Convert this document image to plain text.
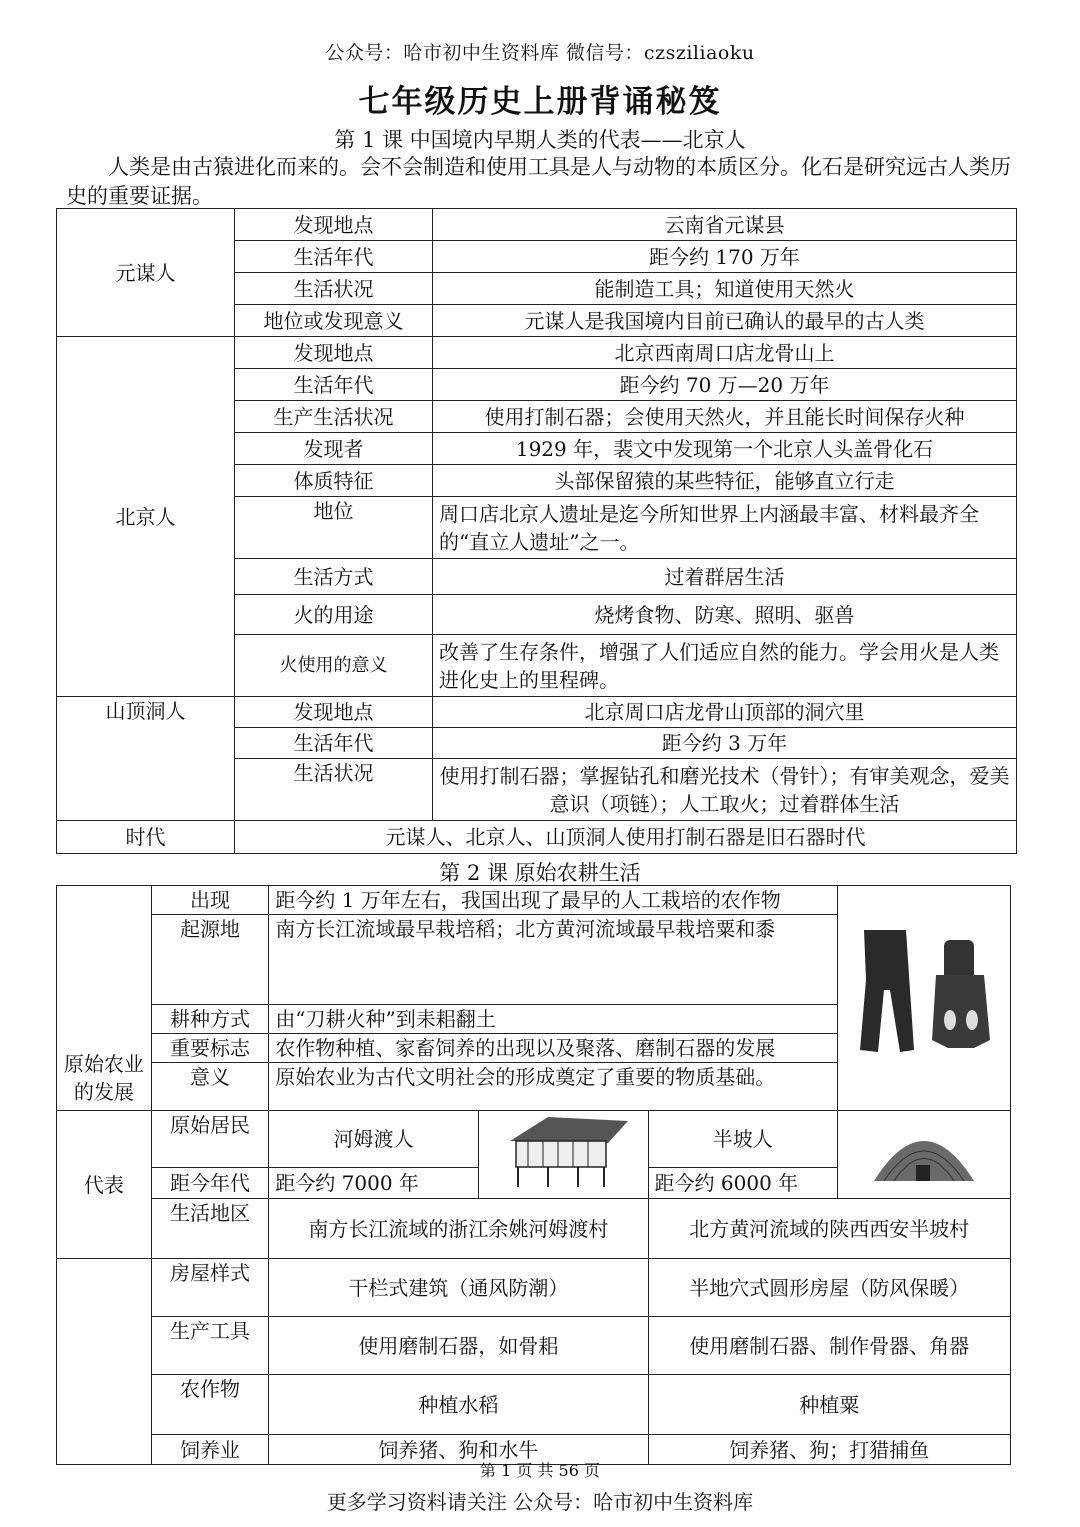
公众号：哈市初中生资料库 微信号：czsziliaoku
七年级历史上册背诵秘笈
第 1 课 中国境内早期人类的代表——北京人
人类是由古猿进化而来的。会不会制造和使用工具是人与动物的本质区分。化石是研究远古人类历史的重要证据。
元谋人	发现地点	云南省元谋县
	生活年代	距今约 170 万年
	生活状况	能制造工具；知道使用天然火
	地位或发现意义	元谋人是我国境内目前已确认的最早的古人类
北京人	发现地点	北京西南周口店龙骨山上
	生活年代	距今约 70 万—20 万年
	生产生活状况	使用打制石器；会使用天然火，并且能长时间保存火种
	发现者	1929 年，裴文中发现第一个北京人头盖骨化石
	体质特征	头部保留猿的某些特征，能够直立行走
	地位	周口店北京人遗址是迄今所知世界上内涵最丰富、材料最齐全的“直立人遗址”之一。
	生活方式	过着群居生活
	火的用途	烧烤食物、防寒、照明、驱兽
	火使用的意义	改善了生存条件，增强了人们适应自然的能力。学会用火是人类进化史上的里程碑。
山顶洞人	发现地点	北京周口店龙骨山顶部的洞穴里
	生活年代	距今约 3 万年
	生活状况	使用打制石器；掌握钻孔和磨光技术（骨针）；有审美观念，爱美意识（项链）；人工取火；过着群体生活
时代	元谋人、北京人、山顶洞人使用打制石器是旧石器时代	
第 2 课 原始农耕生活
原始农业的发展	出现	距今约 1 万年左右，我国出现了最早的人工栽培的农作物	
	起源地	南方长江流域最早栽培稻；北方黄河流域最早栽培粟和黍			
	耕种方式	由“刀耕火种”到耒耜翻土			
	重要标志	农作物种植、家畜饲养的出现以及聚落、磨制石器的发展			
	意义	原始农业为古代文明社会的形成奠定了重要的物质基础。			
代表	原始居民	河姆渡人		半坡人	
	距今年代	距今约 7000 年		距今约 6000 年	
	生活地区	南方长江流域的浙江余姚河姆渡村		北方黄河流域的陕西西安半坡村	
	房屋样式	干栏式建筑（通风防潮）		半地穴式圆形房屋（防风保暖）	
	生产工具	使用磨制石器，如骨耜		使用磨制石器、制作骨器、角器	
	农作物	种植水稻		种植粟	
	饲养业	饲养猪、狗和水牛		饲养猪、狗；打猎捕鱼	
第 1 页 共 56 页
更多学习资料请关注 公众号：哈市初中生资料库
